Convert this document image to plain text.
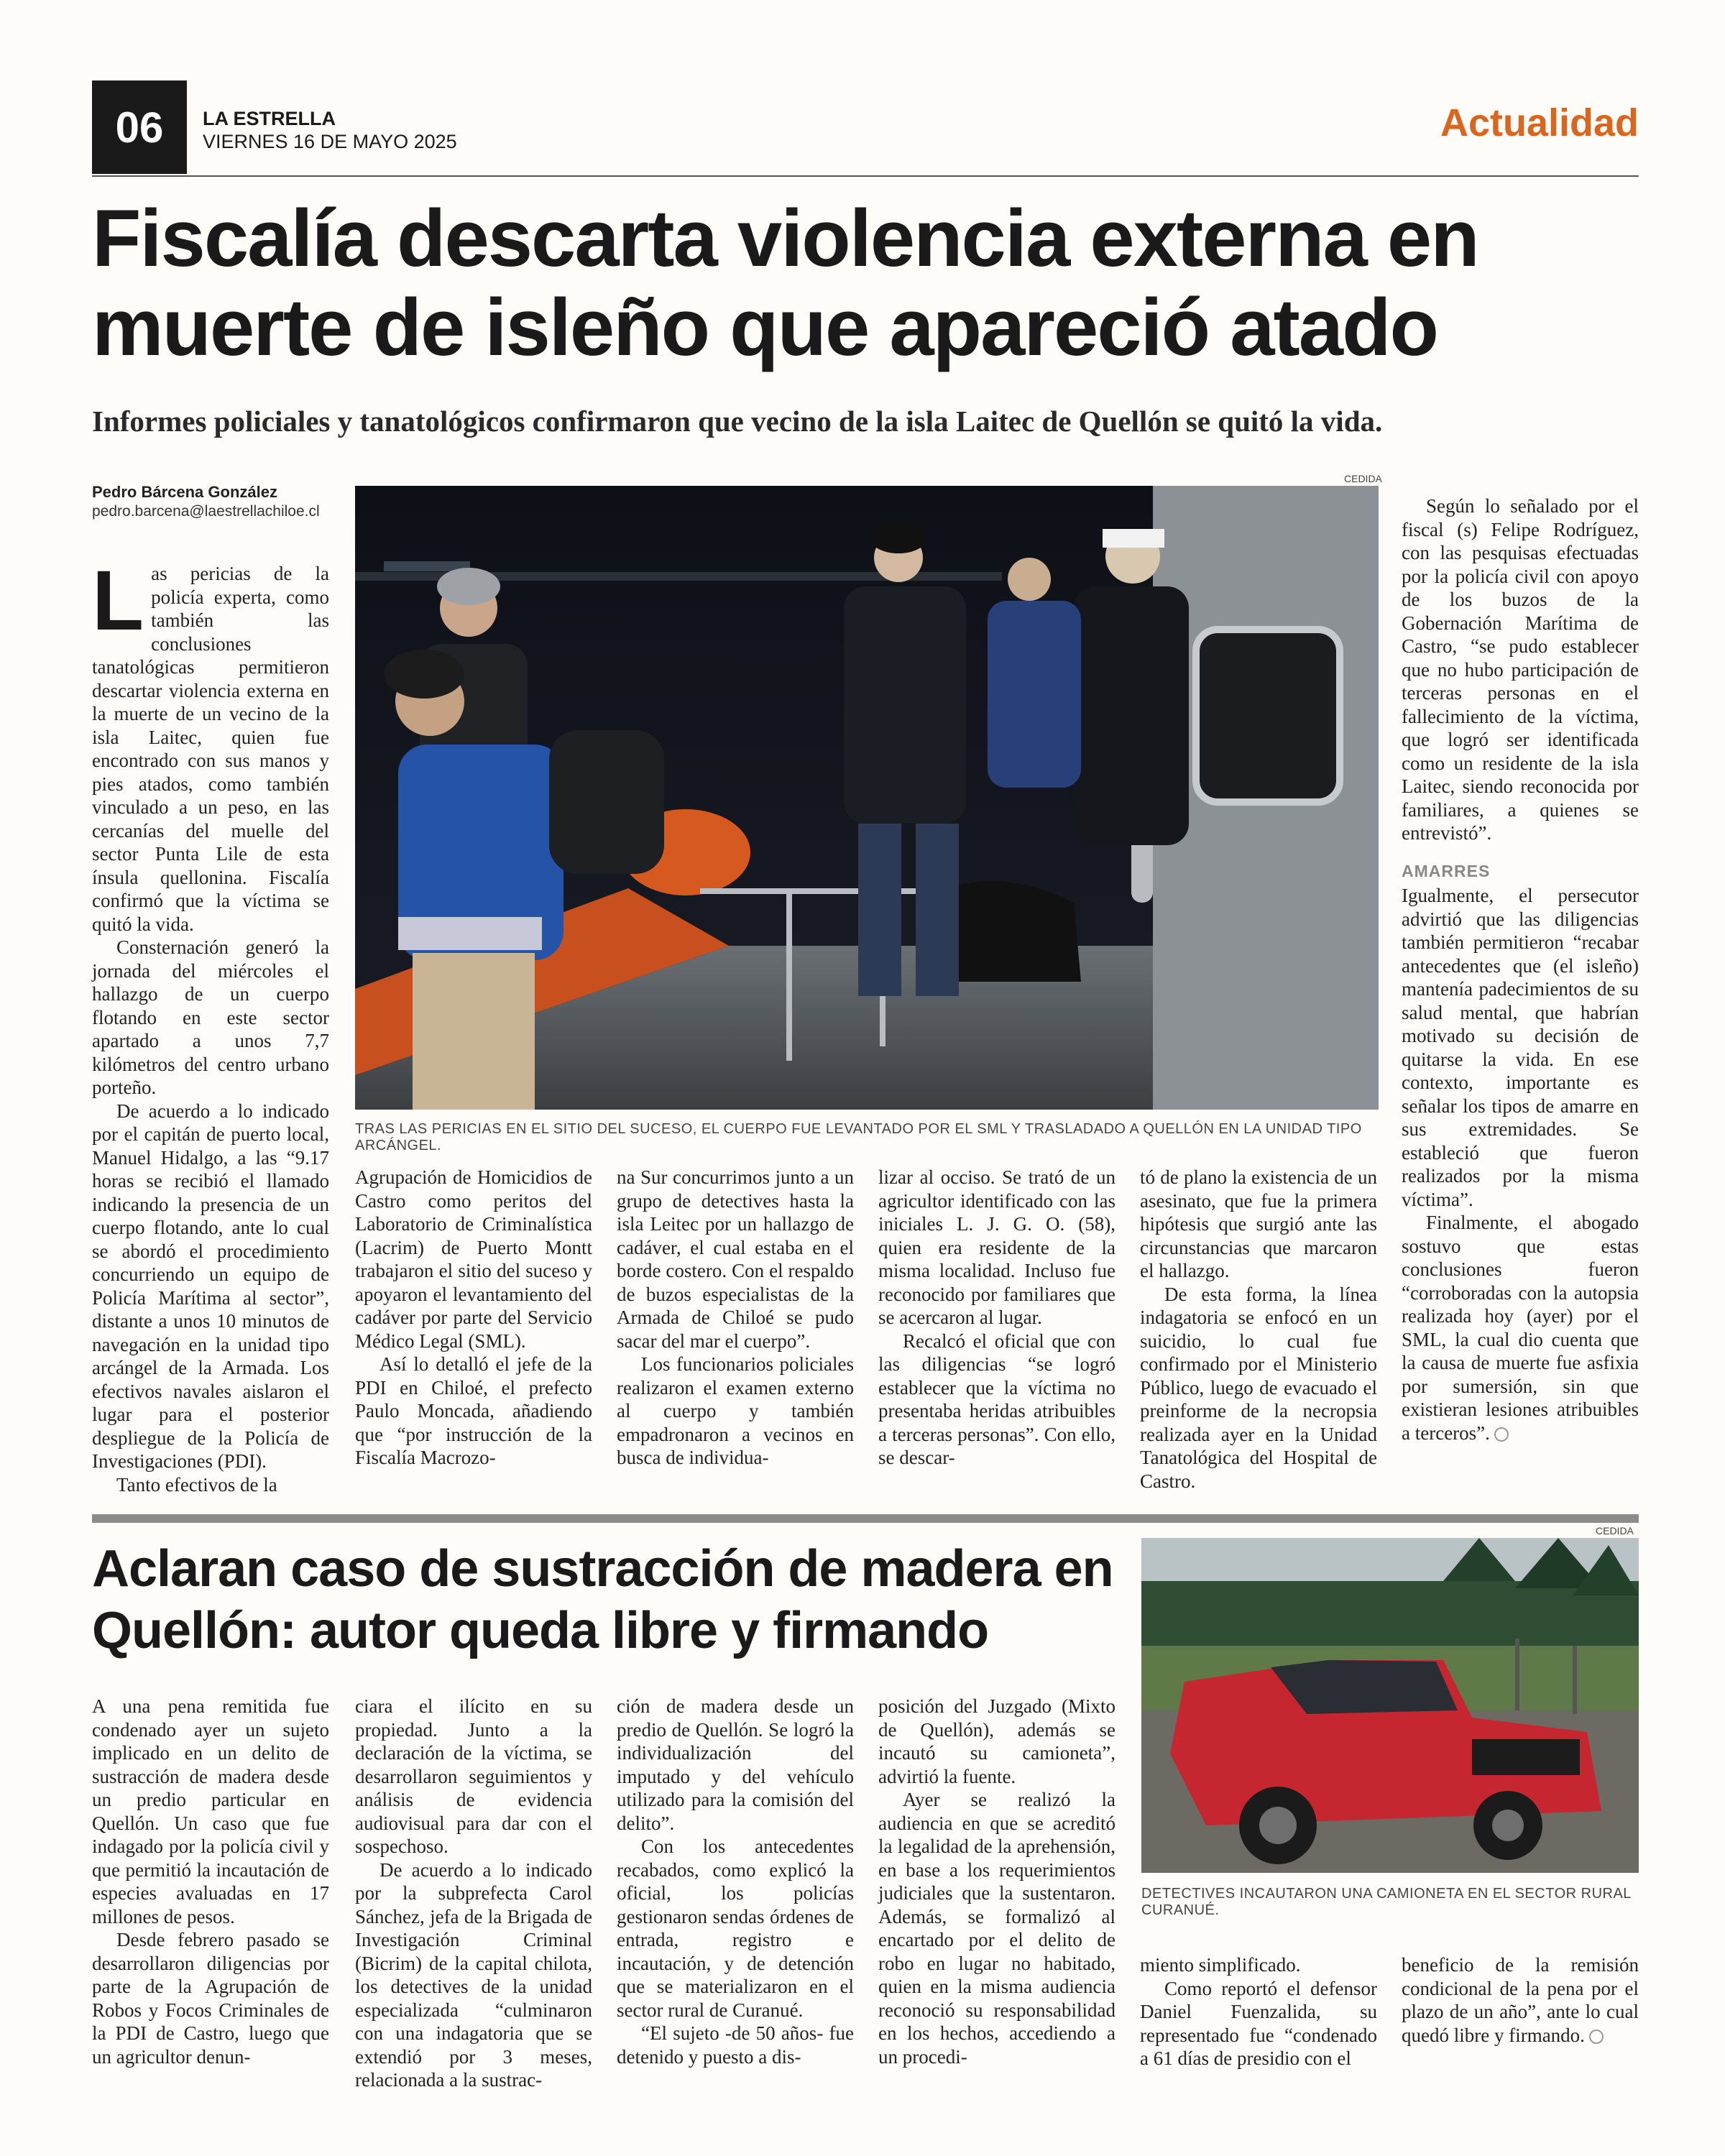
06	LA ESTRELLA
VIERNES 16 DE MAYO 2025	Actualidad
Fiscalía descarta violencia externa en
muerte de isleño que apareció atado
Informes policiales y tanatológicos confirmaron que vecino de la isla Laitec de Quellón se quitó la vida.
Pedro Bárcena González
pedro.barcena@laestrellachiloe.cl

Las pericias de la policía experta, como también las conclusiones tanatológicas permitieron descartar violencia externa en la muerte de un vecino de la isla Laitec, quien fue encontrado con sus manos y pies atados, como también vinculado a un peso, en las cercanías del muelle del sector Punta Lile de esta ínsula quellonina. Fiscalía confirmó que la víctima se quitó la vida.

Consternación generó la jornada del miércoles el hallazgo de un cuerpo flotando en este sector apartado a unos 7,7 kilómetros del centro urbano porteño.

De acuerdo a lo indicado por el capitán de puerto local, Manuel Hidalgo, a las “9.17 horas se recibió el llamado indicando la presencia de un cuerpo flotando, ante lo cual se abordó el procedimiento concurriendo un equipo de Policía Marítima al sector”, distante a unos 10 minutos de navegación en la unidad tipo arcángel de la Armada. Los efectivos navales aislaron el lugar para el posterior despliegue de la Policía de Investigaciones (PDI).

Tanto efectivos de la

CEDIDA
TRAS LAS PERICIAS EN EL SITIO DEL SUCESO, EL CUERPO FUE LEVANTADO POR EL SML Y TRASLADADO A QUELLÓN EN LA UNIDAD TIPO ARCÁNGEL.

Agrupación de Homicidios de Castro como peritos del Laboratorio de Criminalística (Lacrim) de Puerto Montt trabajaron el sitio del suceso y apoyaron el levantamiento del cadáver por parte del Servicio Médico Legal (SML).

Así lo detalló el jefe de la PDI en Chiloé, el prefecto Paulo Moncada, añadiendo que “por instrucción de la Fiscalía Macrozo-

na Sur concurrimos junto a un grupo de detectives hasta la isla Leitec por un hallazgo de cadáver, el cual estaba en el borde costero. Con el respaldo de buzos especialistas de la Armada de Chiloé se pudo sacar del mar el cuerpo”.

Los funcionarios policiales realizaron el examen externo al cuerpo y también empadronaron a vecinos en busca de individua-

lizar al occiso. Se trató de un agricultor identificado con las iniciales L. J. G. O. (58), quien era residente de la misma localidad. Incluso fue reconocido por familiares que se acercaron al lugar.

Recalcó el oficial que con las diligencias “se logró establecer que la víctima no presentaba heridas atribuibles a terceras personas”. Con ello, se descar-

tó de plano la existencia de un asesinato, que fue la primera hipótesis que surgió ante las circunstancias que marcaron el hallazgo.

De esta forma, la línea indagatoria se enfocó en un suicidio, lo cual fue confirmado por el Ministerio Público, luego de evacuado el preinforme de la necropsia realizada ayer en la Unidad Tanatológica del Hospital de Castro.

Según lo señalado por el fiscal (s) Felipe Rodríguez, con las pesquisas efectuadas por la policía civil con apoyo de los buzos de la Gobernación Marítima de Castro, “se pudo establecer que no hubo participación de terceras personas en el fallecimiento de la víctima, que logró ser identificada como un residente de la isla Laitec, siendo reconocida por familiares, a quienes se entrevistó”.

AMARRES

Igualmente, el persecutor advirtió que las diligencias también permitieron “recabar antecedentes que (el isleño) mantenía padecimientos de su salud mental, que habrían motivado su decisión de quitarse la vida. En ese contexto, importante es señalar los tipos de amarre en sus extremidades. Se estableció que fueron realizados por la misma víctima”.

Finalmente, el abogado sostuvo que estas conclusiones fueron “corroboradas con la autopsia realizada hoy (ayer) por el SML, la cual dio cuenta que la causa de muerte fue asfixia por sumersión, sin que existieran lesiones atribuibles a terceros”.

Aclaran caso de sustracción de madera en
Quellón: autor queda libre y firmando
CEDIDA
DETECTIVES INCAUTARON UNA CAMIONETA EN EL SECTOR RURAL
CURANUÉ.

A una pena remitida fue condenado ayer un sujeto implicado en un delito de sustracción de madera desde un predio particular en Quellón. Un caso que fue indagado por la policía civil y que permitió la incautación de especies avaluadas en 17 millones de pesos.

Desde febrero pasado se desarrollaron diligencias por parte de la Agrupación de Robos y Focos Criminales de la PDI de Castro, luego que un agricultor denun-

ciara el ilícito en su propiedad. Junto a la declaración de la víctima, se desarrollaron seguimientos y análisis de evidencia audiovisual para dar con el sospechoso.

De acuerdo a lo indicado por la subprefecta Carol Sánchez, jefa de la Brigada de Investigación Criminal (Bicrim) de la capital chilota, los detectives de la unidad especializada “culminaron con una indagatoria que se extendió por 3 meses, relacionada a la sustrac-

ción de madera desde un predio de Quellón. Se logró la individualización del imputado y del vehículo utilizado para la comisión del delito”.

Con los antecedentes recabados, como explicó la oficial, los policías gestionaron sendas órdenes de entrada, registro e incautación, y de detención que se materializaron en el sector rural de Curanué.

“El sujeto -de 50 años- fue detenido y puesto a dis-

posición del Juzgado (Mixto de Quellón), además se incautó su camioneta”, advirtió la fuente.

Ayer se realizó la audiencia en que se acreditó la legalidad de la aprehensión, en base a los requerimientos judiciales que la sustentaron. Además, se formalizó al encartado por el delito de robo en lugar no habitado, quien en la misma audiencia reconoció su responsabilidad en los hechos, accediendo a un procedi-

miento simplificado.

Como reportó el defensor Daniel Fuenzalida, su representado fue “condenado a 61 días de presidio con el

beneficio de la remisión condicional de la pena por el plazo de un año”, ante lo cual quedó libre y firmando.
